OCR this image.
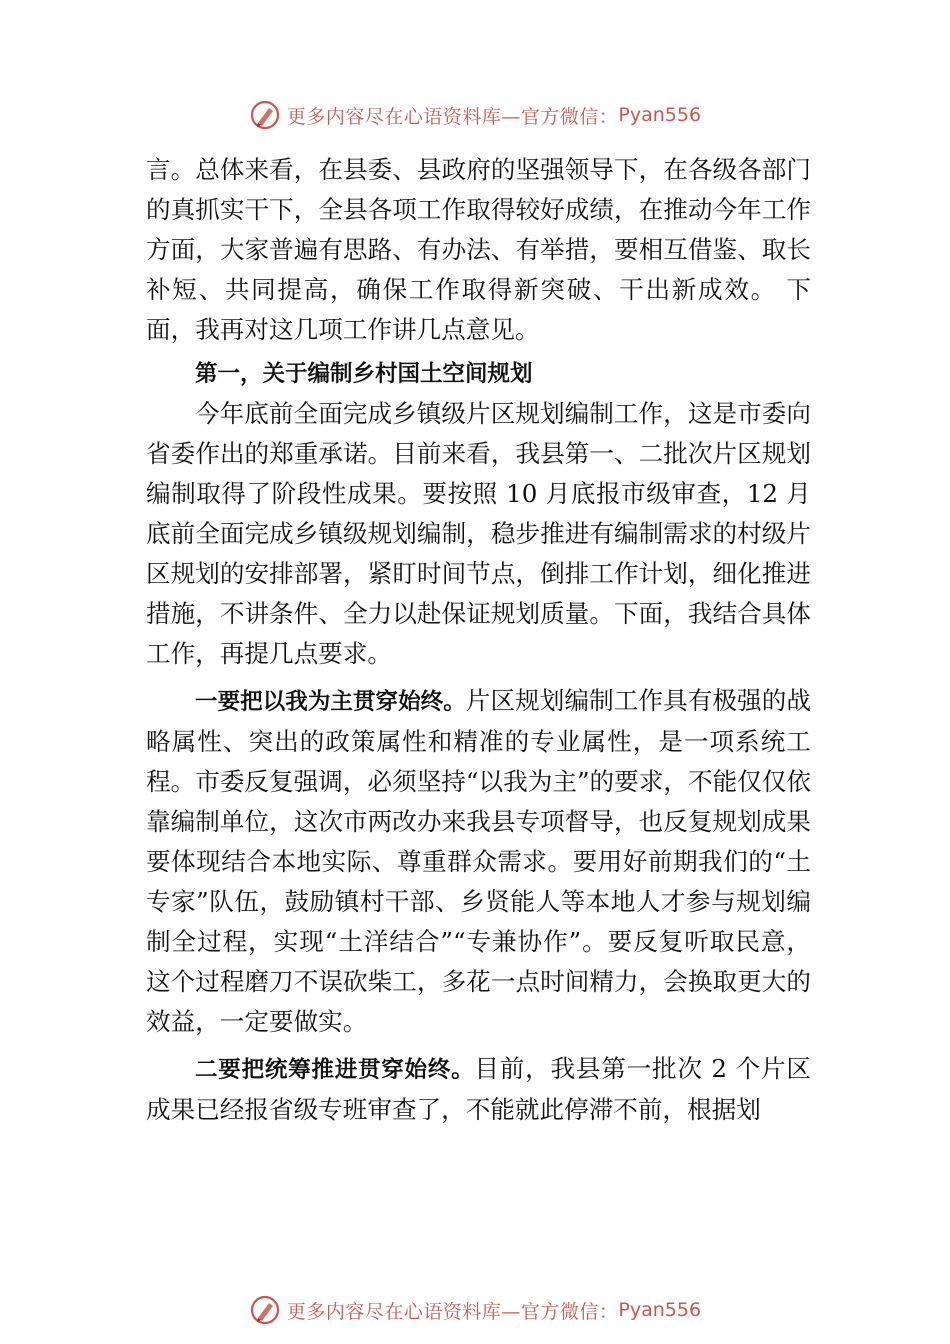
更多内容尽在心语资料库—官方微信： Pyan556

言。总体来看，在县委、县政府的坚强领导下，在各级各部门的真抓实干下，全县各项工作取得较好成绩，在推动今年工作方面，大家普遍有思路、有办法、有举措，要相互借鉴、取长补短、共同提高，确保工作取得新突破、干出新成效。 下面，我再对这几项工作讲几点意见。

第一，关于编制乡村国土空间规划

今年底前全面完成乡镇级片区规划编制工作，这是市委向省委作出的郑重承诺。目前来看，我县第一、二批次片区规划编制取得了阶段性成果。要按照 10 月底报市级审查，12 月底前全面完成乡镇级规划编制，稳步推进有编制需求的村级片区规划的安排部署，紧盯时间节点，倒排工作计划，细化推进措施，不讲条件、全力以赴保证规划质量。下面，我结合具体工作，再提几点要求。

一要把以我为主贯穿始终。片区规划编制工作具有极强的战略属性、突出的政策属性和精准的专业属性，是一项系统工程。市委反复强调，必须坚持“以我为主”的要求，不能仅仅依靠编制单位，这次市两改办来我县专项督导，也反复规划成果要体现结合本地实际、尊重群众需求。要用好前期我们的“土专家”队伍，鼓励镇村干部、乡贤能人等本地人才参与规划编制全过程，实现“土洋结合”“专兼协作”。要反复听取民意，这个过程磨刀不误砍柴工，多花一点时间精力，会换取更大的效益，一定要做实。

二要把统筹推进贯穿始终。目前，我县第一批次 2 个片区成果已经报省级专班审查了，不能就此停滞不前，根据划

更多内容尽在心语资料库—官方微信： Pyan556
